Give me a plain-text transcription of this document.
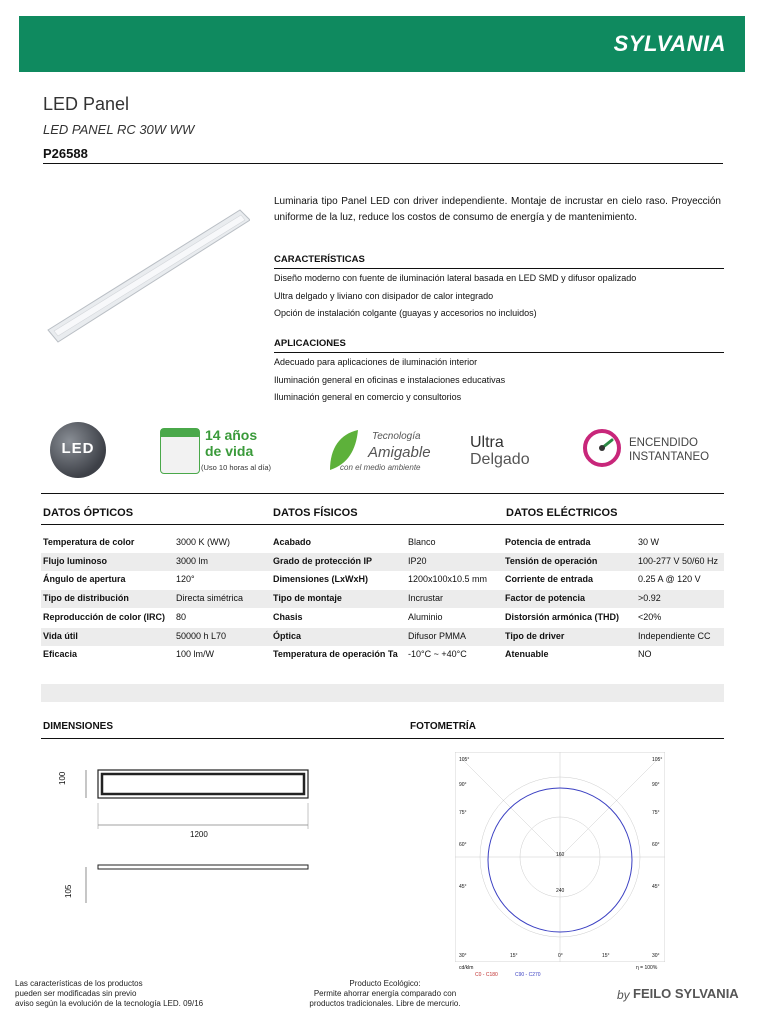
SYLVANIA
LED Panel
LED PANEL RC 30W WW
P26588
Luminaria tipo Panel LED con driver independiente. Montaje de incrustar en cielo raso. Proyección uniforme de la luz, reduce los costos de consumo de energía y de mantenimiento.
CARACTERÍSTICAS
Diseño moderno con fuente de iluminación lateral basada en LED SMD y difusor opalizado
Ultra delgado y liviano con disipador de calor integrado
Opción de instalación colgante (guayas y accesorios no incluidos)
APLICACIONES
Adecuado para aplicaciones de iluminación interior
Iluminación general en oficinas e instalaciones educativas
Iluminación general en comercio y consultorios
LED
14 años
de vida
(Uso 10 horas al día)
Tecnología
Amigable
con el medio ambiente
Ultra
Delgado
ENCENDIDO
INSTANTANEO
DATOS ÓPTICOS	DATOS FÍSICOS	DATOS ELÉCTRICOS
Temperatura de color	3000 K (WW)	Acabado	Blanco	Potencia de entrada	30 W
Flujo luminoso	3000 lm	Grado de protección IP	IP20	Tensión de operación	100-277 V 50/60 Hz
Ángulo de apertura	120°	Dimensiones (LxWxH)	1200x100x10.5 mm Corriente de entrada	0.25 A @ 120 V
Tipo de distribución	Directa simétrica	Tipo de montaje	Incrustar	Factor de potencia	>0.92
Reproducción de color (IRC) 80	Chasis	Aluminio	Distorsión armónica (THD) <20%
Vida útil	50000 h L70	Óptica	Difusor PMMA	Tipo de driver	Independiente CC
Eficacia	100 lm/W	Temperatura de operación Ta -10°C ~ +40°C	Atenuable	NO
DIMENSIONES	FOTOMETRÍA
100
1200
105
105°	105°
90°	90°
75°	75°
60°	60°
45°	45°
30°	15°	0°	15°	30°
160
240
cd/klm
C0 - C180	C90 - C270
η = 100%
Las características de los productos
pueden ser modificadas sin previo
aviso según la evolución de la tecnología LED. 09/16
Producto Ecológico:
Permite ahorrar energía comparado con
productos tradicionales. Libre de mercurio.
by FEILO SYLVANIA
